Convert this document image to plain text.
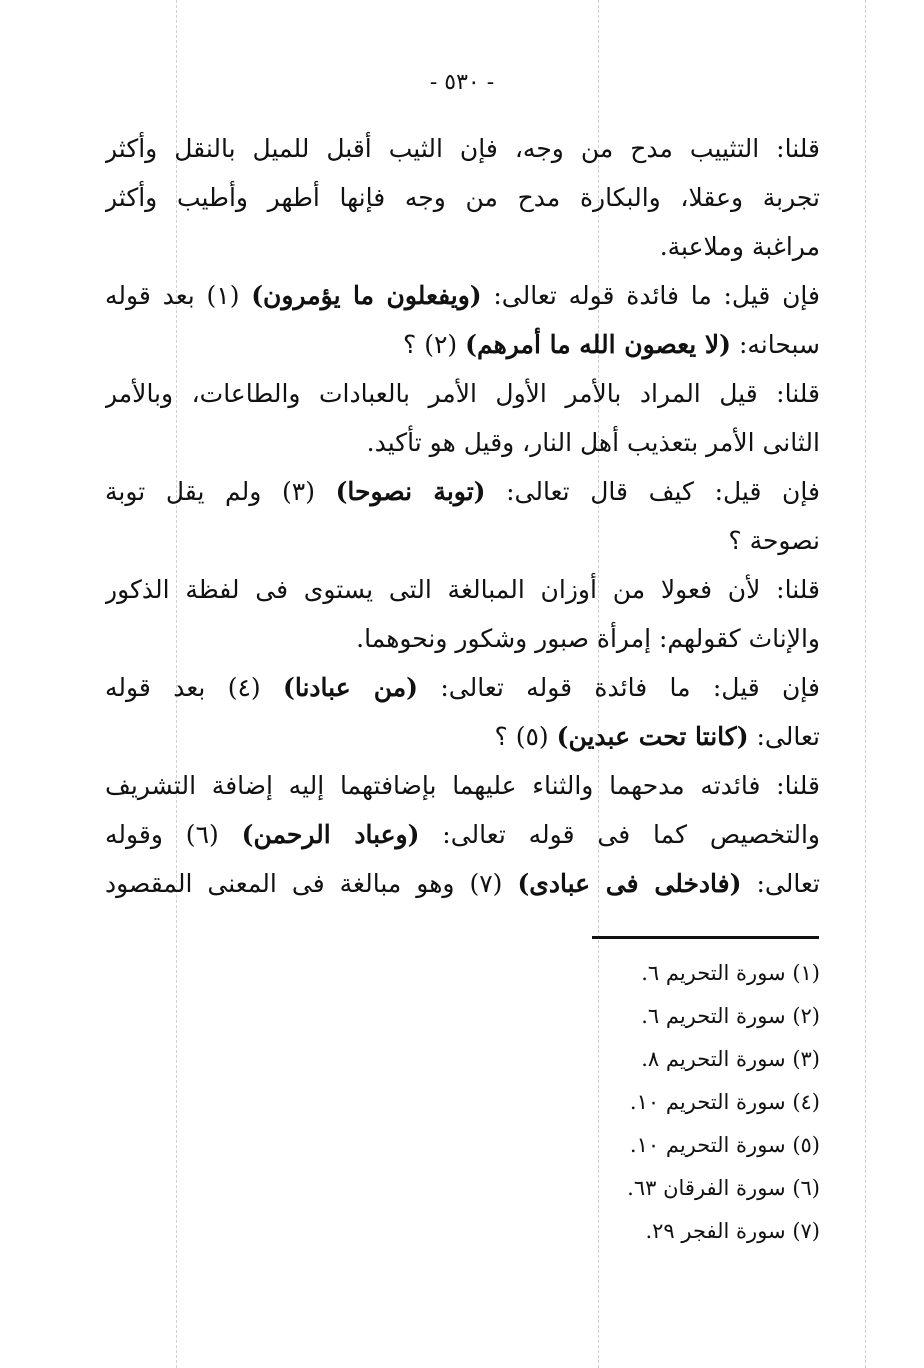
- ٥٣٠ -
قلنا: التثييب مدح من وجه، فإن الثيب أقبل للميل بالنقل وأكثر
تجربة وعقلا، والبكارة مدح من وجه فإنها أطهر وأطيب وأكثر
مراغبة وملاعبة.
فإن قيل: ما فائدة قوله تعالى: (ويفعلون ما يؤمرون) (١) بعد قوله
سبحانه: (لا يعصون الله ما أمرهم) (٢) ؟
قلنا: قيل المراد بالأمر الأول الأمر بالعبادات والطاعات، وبالأمر
الثانى الأمر بتعذيب أهل النار، وقيل هو تأكيد.
فإن قيل: كيف قال تعالى: (توبة نصوحا) (٣) ولم يقل توبة
نصوحة ؟
قلنا: لأن فعولا من أوزان المبالغة التى يستوى فى لفظة الذكور
والإناث كقولهم: إمرأة صبور وشكور ونحوهما.
فإن قيل: ما فائدة قوله تعالى: (من عبادنا) (٤) بعد قوله
تعالى: (كانتا تحت عبدين) (٥) ؟
قلنا: فائدته مدحهما والثناء عليهما بإضافتهما إليه إضافة التشريف
والتخصيص كما فى قوله تعالى: (وعباد الرحمن) (٦) وقوله
تعالى: (فادخلى فى عبادى) (٧) وهو مبالغة فى المعنى المقصود
(١) سورة التحريم ٦.
(٢) سورة التحريم ٦.
(٣) سورة التحريم ٨.
(٤) سورة التحريم ١٠.
(٥) سورة التحريم ١٠.
(٦) سورة الفرقان ٦٣.
(٧) سورة الفجر ٢٩.
